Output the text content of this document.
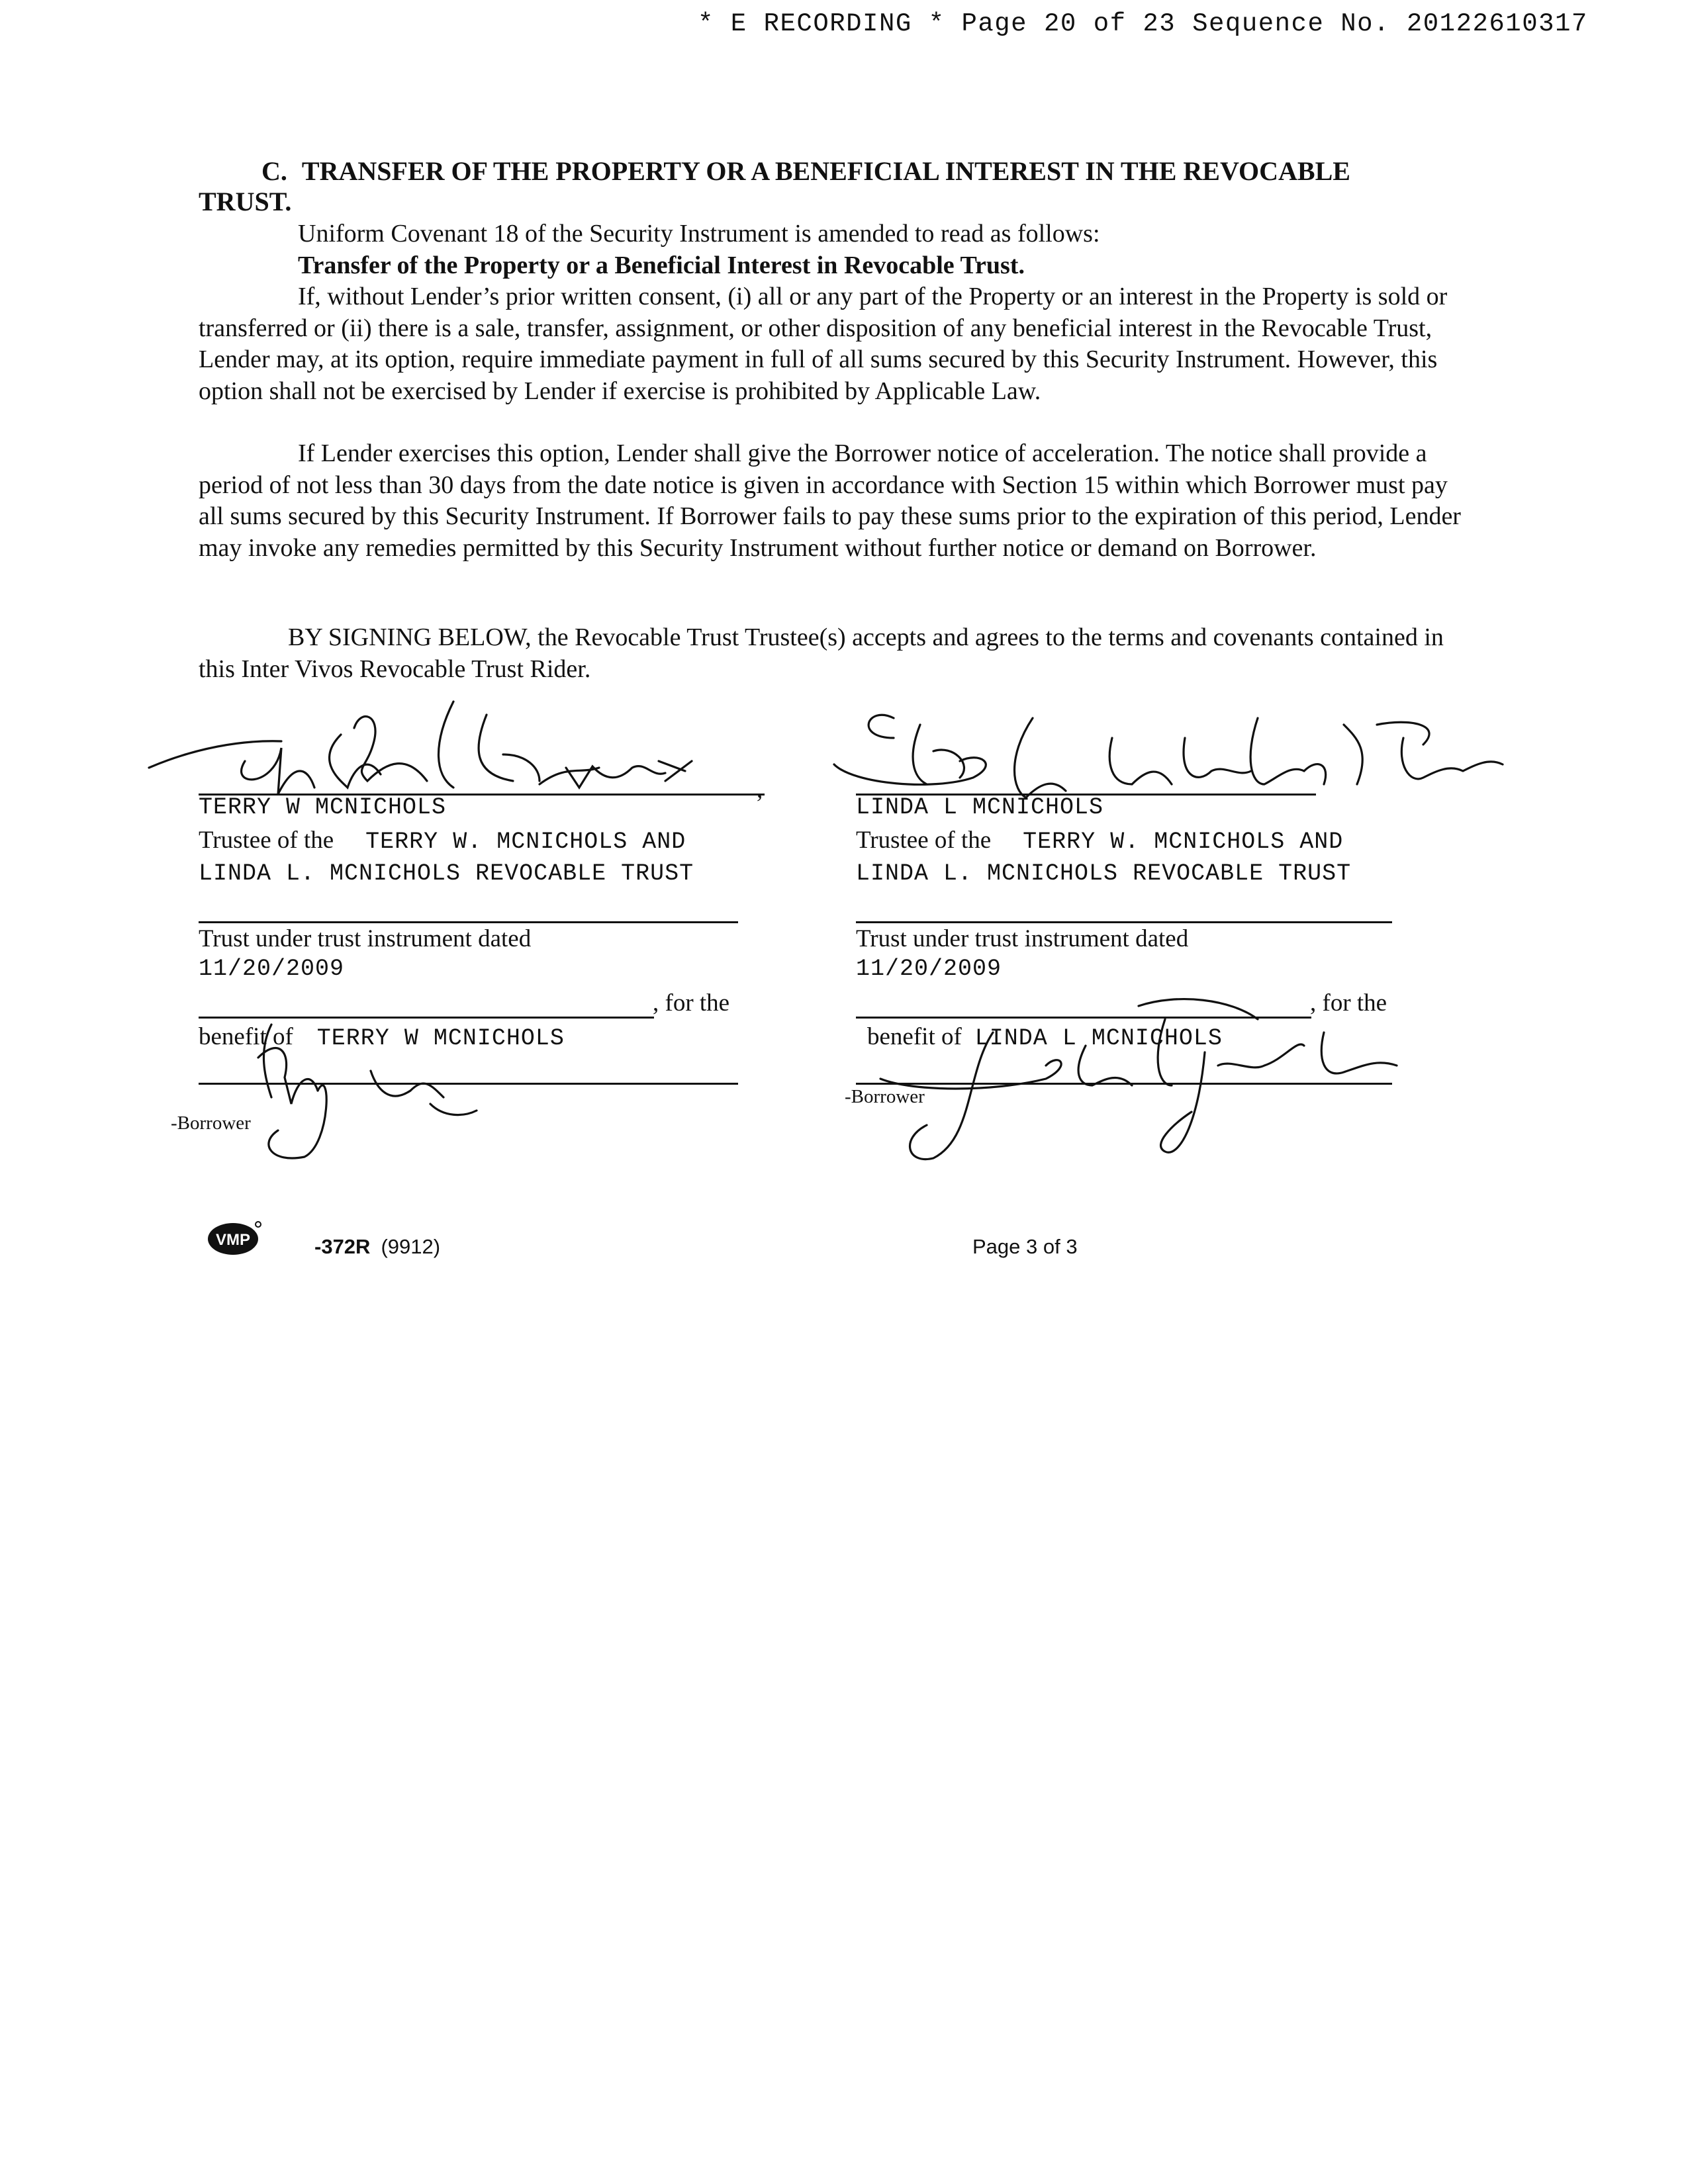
* E RECORDING * Page 20 of 23 Sequence No. 20122610317
C. TRANSFER OF THE PROPERTY OR A BENEFICIAL INTEREST IN THE REVOCABLE
TRUST.

Uniform Covenant 18 of the Security Instrument is amended to read as follows:

Transfer of the Property or a Beneficial Interest in Revocable Trust.

If, without Lender’s prior written consent, (i) all or any part of the Property or an interest in the Property is sold or transferred or (ii) there is a sale, transfer, assignment, or other disposition of any beneficial interest in the Revocable Trust, Lender may, at its option, require immediate payment in full of all sums secured by this Security Instrument. However, this option shall not be exercised by Lender if exercise is prohibited by Applicable Law.

If Lender exercises this option, Lender shall give the Borrower notice of acceleration. The notice shall provide a period of not less than 30 days from the date notice is given in accordance with Section 15 within which Borrower must pay all sums secured by this Security Instrument. If Borrower fails to pay these sums prior to the expiration of this period, Lender may invoke any remedies permitted by this Security Instrument without further notice or demand on Borrower.

BY SIGNING BELOW, the Revocable Trust Trustee(s) accepts and agrees to the terms and covenants contained in this Inter Vivos Revocable Trust Rider.

,
TERRY W MCNICHOLS
Trustee of the TERRY W. MCNICHOLS AND
LINDA L. MCNICHOLS REVOCABLE TRUST
Trust under trust instrument dated
11/20/2009
, for the
benefit of TERRY W MCNICHOLS
-Borrower
LINDA L MCNICHOLS
Trustee of the TERRY W. MCNICHOLS AND
LINDA L. MCNICHOLS REVOCABLE TRUST
Trust under trust instrument dated
11/20/2009
, for the
benefit of LINDA L MCNICHOLS
-Borrower
VMP	-372R (9912)	Page 3 of 3
